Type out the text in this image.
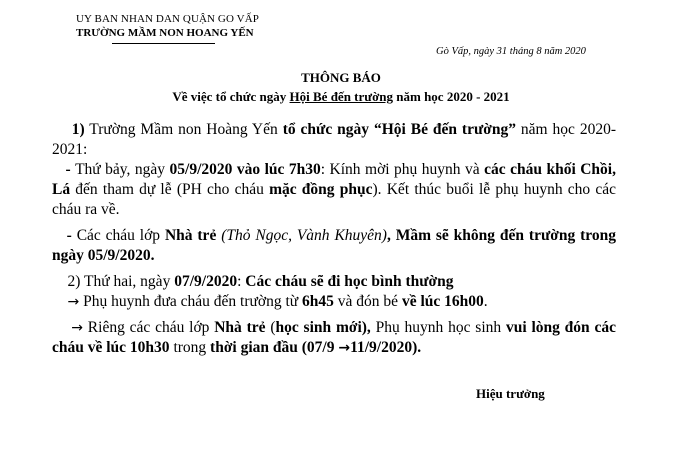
UY BAN NHAN DAN QUẬN GO VẤP
TRƯỜNG MẦM NON HOANG YẾN
Gò Vấp, ngày 31 tháng 8 năm 2020
THÔNG BÁO
Về việc tổ chức ngày Hội Bé đến trường năm học 2020 - 2021

1) Trường Mầm non Hoàng Yến tổ chức ngày “Hội Bé đến trường” năm học 2020-2021:

- Thứ bảy, ngày 05/9/2020 vào lúc 7h30: Kính mời phụ huynh và các cháu khối Chồi, Lá đến tham dự lễ (PH cho cháu mặc đồng phục). Kết thúc buổi lễ phụ huynh cho các cháu ra về.

- Các cháu lớp Nhà trẻ (Thỏ Ngọc, Vành Khuyên), Mầm sẽ không đến trường trong ngày 05/9/2020.

2) Thứ hai, ngày 07/9/2020: Các cháu sẽ đi học bình thường

→ Phụ huynh đưa cháu đến trường từ 6h45 và đón bé về lúc 16h00.

→ Riêng các cháu lớp Nhà trẻ (học sinh mới), Phụ huynh học sinh vui lòng đón các cháu về lúc 10h30 trong thời gian đầu (07/9 →11/9/2020).

Hiệu trưởng
